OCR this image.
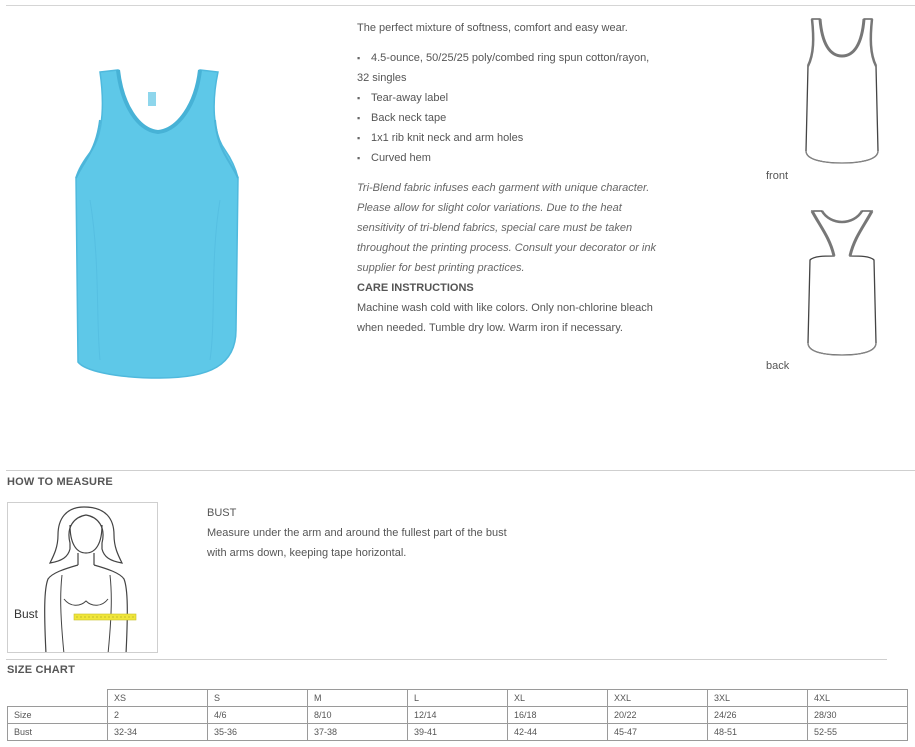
The perfect mixture of softness, comfort and easy wear.

▪ 4.5-ounce, 50/25/25 poly/combed ring spun cotton/rayon,
32 singles
▪ Tear-away label
▪ Back neck tape
▪ 1x1 rib knit neck and arm holes
▪ Curved hem

Tri-Blend fabric infuses each garment with unique character.
Please allow for slight color variations. Due to the heat
sensitivity of tri-blend fabrics, special care must be taken
throughout the printing process. Consult your decorator or ink
supplier for best printing practices.

CARE INSTRUCTIONS

Machine wash cold with like colors. Only non-chlorine bleach
when needed. Tumble dry low. Warm iron if necessary.

front
back
HOW TO MEASURE
Bust
BUST
Measure under the arm and around the fullest part of the bust
with arms down, keeping tape horizontal.
SIZE CHART
	XS	S	M	L	XL	XXL	3XL	4XL
Size	2	4/6	8/10	12/14	16/18	20/22	24/26	28/30
Bust	32-34	35-36	37-38	39-41	42-44	45-47	48-51	52-55
